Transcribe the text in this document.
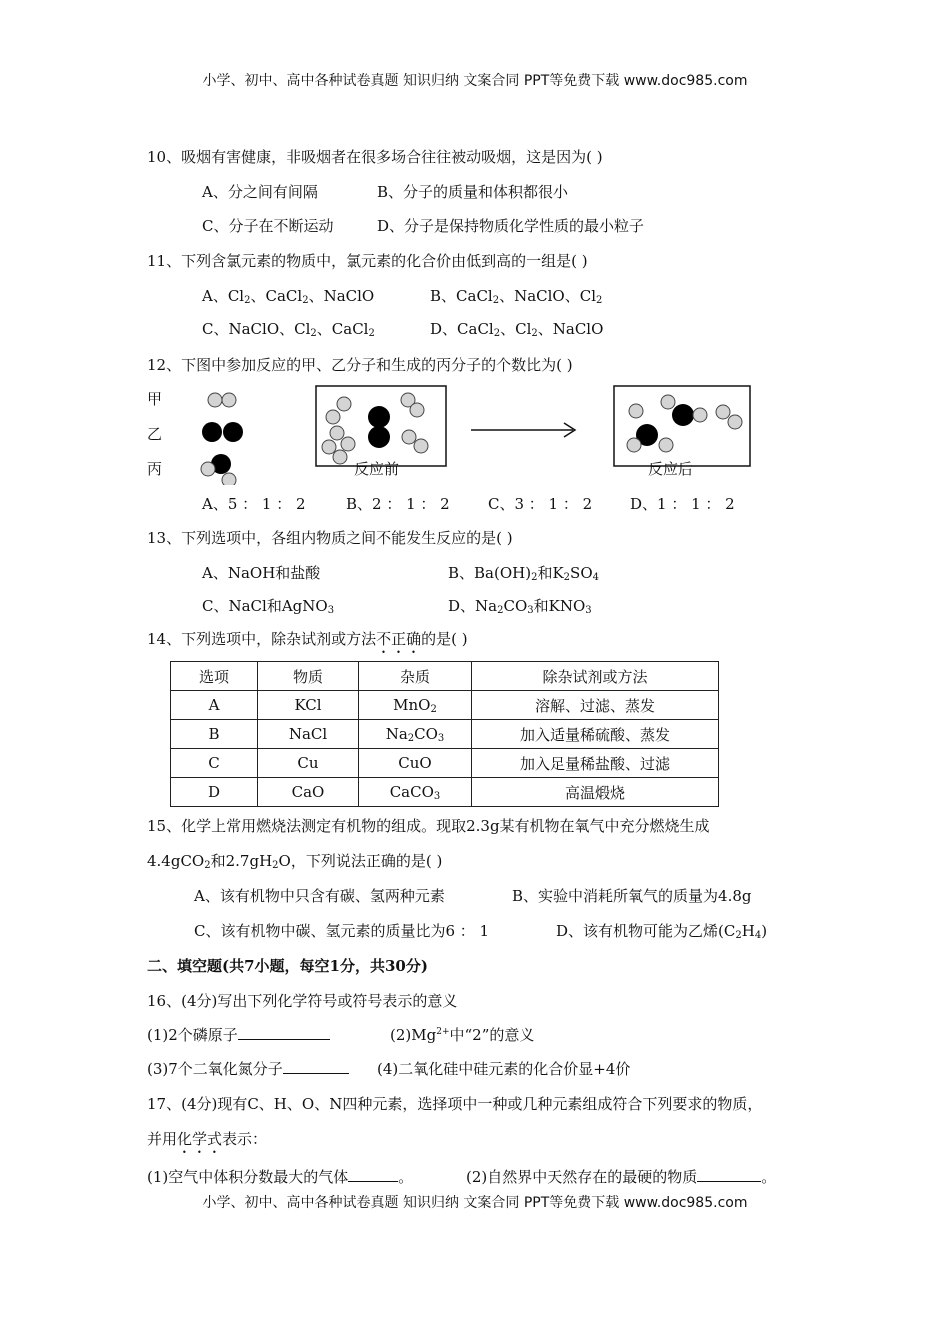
小学、初中、高中各种试卷真题 知识归纳 文案合同 PPT等免费下载 www.doc985.com
10、吸烟有害健康，非吸烟者在很多场合往往被动吸烟，这是因为( )
A、分之间有间隔	B、分子的质量和体积都很小
C、分子在不断运动	D、分子是保持物质化学性质的最小粒子
11、下列含氯元素的物质中，氯元素的化合价由低到高的一组是( )
A、$Cl_2$、CaCl$_2$、NaClO	B、CaCl$_2$、NaClO、$Cl_2$
C、NaClO、$Cl_2$、CaCl$_2$	D、CaCl$_2$、$Cl_2$、NaClO
12、下图中参加反应的甲、乙分子和生成的丙分子的个数比为( )
甲
乙
丙	反应前	反应后
A、5 ： 1 ： 2	B、2 ： 1 ： 2	C、3 ： 1 ： 2	D、1 ： 1 ： 2
13、下列选项中，各组内物质之间不能发生反应的是( )
A、NaOH和盐酸	B、$Ba(OH)_2$和$K_2SO_4$
C、NaCl和AgNO$_3$	D、$Na_2CO_3$和$KNO_3$
14、下列选项中，除杂试剂或方法不正确的是( )
选项	物质	杂质	除杂试剂或方法
A	KCl	MnO$_2$	溶解、过滤、蒸发
B	NaCl	$Na_2CO_3$	加入适量稀硫酸、蒸发
C	Cu	CuO	加入足量稀盐酸、过滤
D	CaO	CaCO$_3$	高温煅烧
15、化学上常用燃烧法测定有机物的组成。现取2.3g某有机物在氧气中充分燃烧生成
4.4gCO$_2$和$2.7gH_2O$，下列说法正确的是( )
A、该有机物中只含有碳、氢两种元素	B、实验中消耗所氧气的质量为4.8g
C、该有机物中碳、氢元素的质量比为6 ： 1	D、该有机物可能为乙烯$(C_2H_4)$
二、填空题(共7小题，每空1分，共30分)
16、(4分)写出下列化学符号或符号表示的意义
(1)2个磷原子	$(2)Mg^{2+}$中“2”的意义
(3)7个二氧化氮分子	(4)二氧化硅中硅元素的化合价显+4价
17、(4分)现有C、H、O、N四种元素，选择项中一种或几种元素组成符合下列要求的物质，
并用化学式表示：
(1)空气中体积分数最大的气体	。	(2)自然界中天然存在的最硬的物质	。
小学、初中、高中各种试卷真题 知识归纳 文案合同 PPT等免费下载 www.doc985.com
